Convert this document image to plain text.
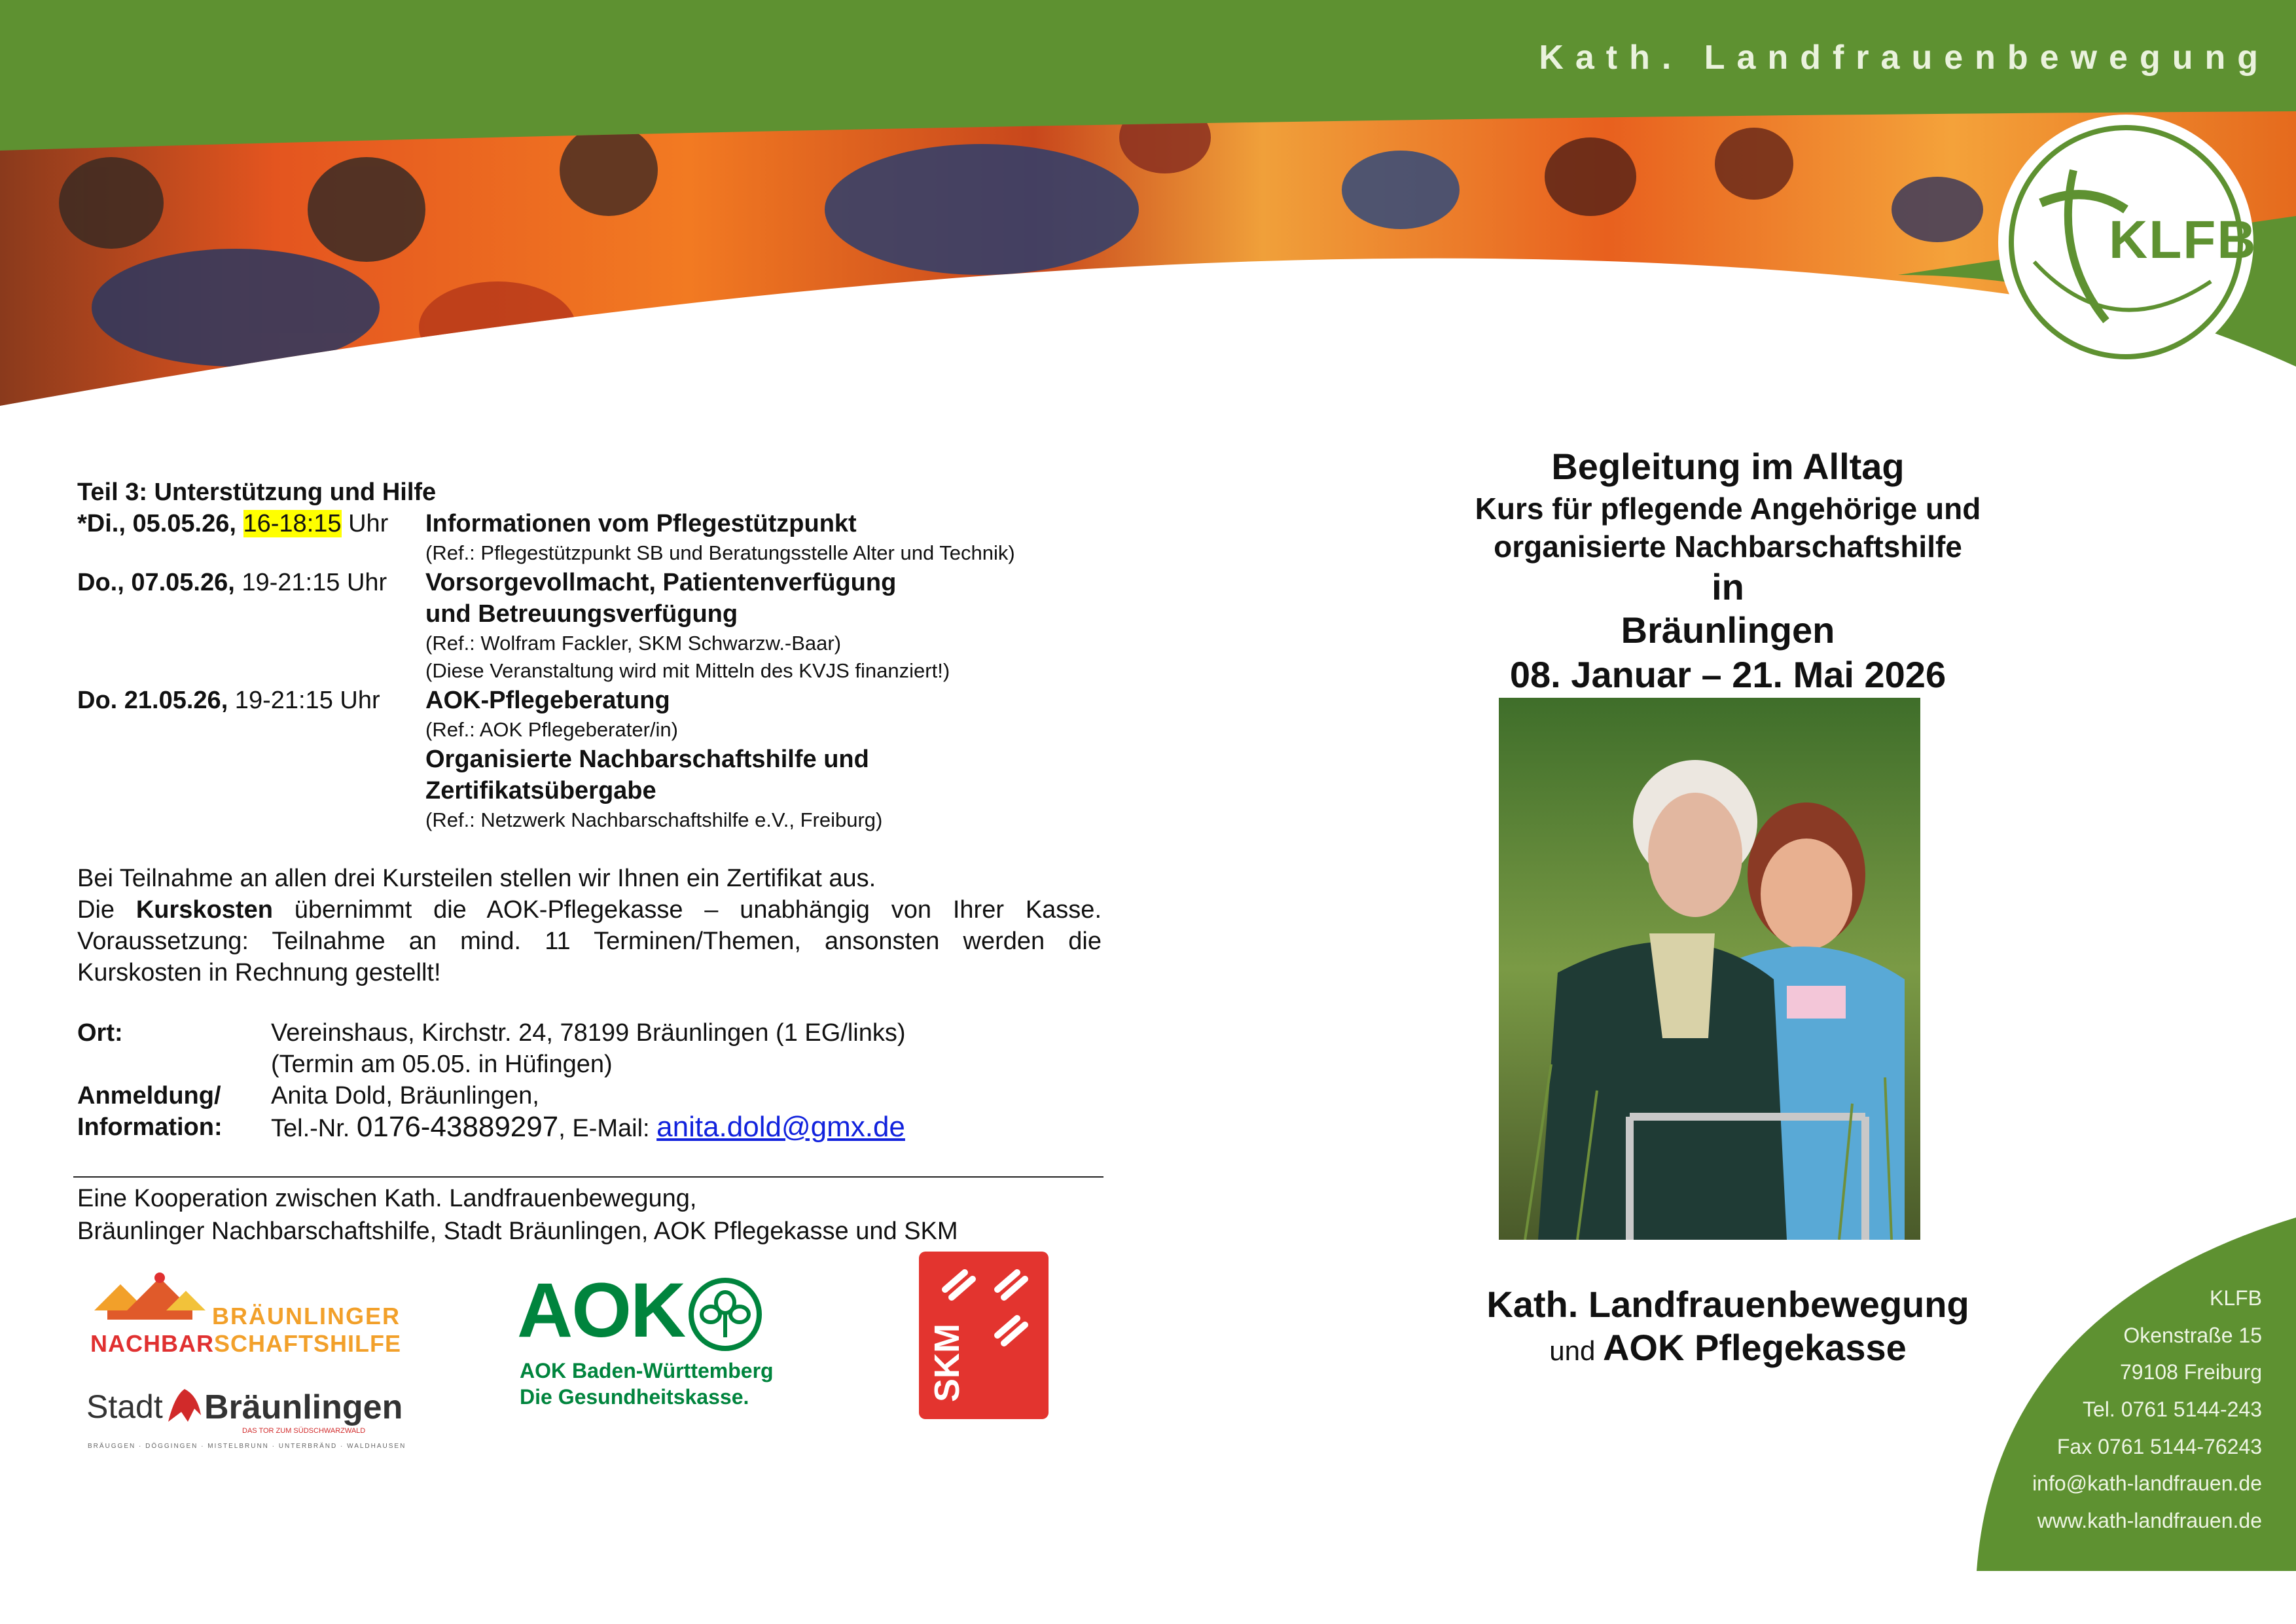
Kath. Landfrauenbewegung
KLFB
Teil 3: Unterstützung und Hilfe
*Di., 05.05.26, 16-18:15 Uhr Informationen vom Pflegestützpunkt
(Ref.: Pflegestützpunkt SB und Beratungsstelle Alter und Technik)
Do., 07.05.26, 19-21:15 Uhr Vorsorgevollmacht, Patientenverfügung
und Betreuungsverfügung
(Ref.: Wolfram Fackler, SKM Schwarzw.-Baar)
(Diese Veranstaltung wird mit Mitteln des KVJS finanziert!)
Do. 21.05.26, 19-21:15 Uhr AOK-Pflegeberatung
(Ref.: AOK Pflegeberater/in)
Organisierte Nachbarschaftshilfe und
Zertifikatsübergabe
(Ref.: Netzwerk Nachbarschaftshilfe e.V., Freiburg)

Bei Teilnahme an allen drei Kursteilen stellen wir Ihnen ein Zertifikat aus.

Die Kurskosten übernimmt die AOK-Pflegekasse – unabhängig von Ihrer Kasse.

Voraussetzung: Teilnahme an mind. 11 Terminen/Themen, ansonsten werden die

Kurskosten in Rechnung gestellt!

Ort:	Vereinshaus, Kirchstr. 24, 78199 Bräunlingen (1 EG/links)
	(Termin am 05.05. in Hüfingen)
Anmeldung/	Anita Dold, Bräunlingen,
Information:	Tel.-Nr. 0176-43889297, E-Mail: anita.dold@gmx.de
Eine Kooperation zwischen Kath. Landfrauenbewegung,
Bräunlinger Nachbarschaftshilfe, Stadt Bräunlingen, AOK Pflegekasse und SKM
BRÄUNLINGER
NACHBARSCHAFTSHILFE
Stadt Bräunlingen
DAS TOR ZUM SÜDSCHWARZWALD
BRÄUGGEN · DÖGGINGEN · MISTELBRUNN · UNTERBRÄND · WALDHAUSEN
AOK
AOK Baden-Württemberg
Die Gesundheitskasse.	SKM
Begleitung im Alltag
Kurs für pflegende Angehörige und
organisierte Nachbarschaftshilfe
in
Bräunlingen
08. Januar – 21. Mai 2026
Kath. Landfrauenbewegung
und AOK Pflegekasse
KLFB
Okenstraße 15
79108 Freiburg
Tel. 0761 5144-243
Fax 0761 5144-76243
info@kath-landfrauen.de
www.kath-landfrauen.de
